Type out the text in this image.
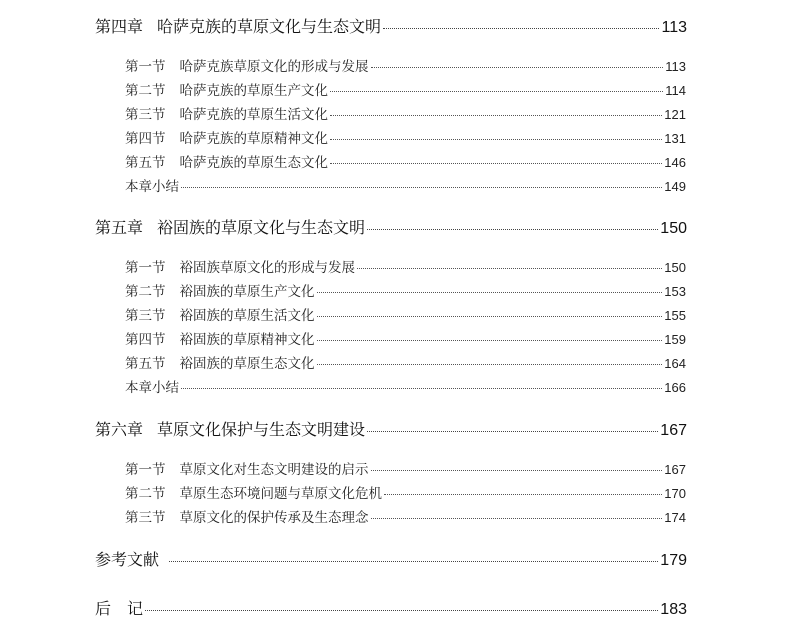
第四章 哈萨克族的草原文化与生态文明	113
第一节 哈萨克族草原文化的形成与发展	113
第二节 哈萨克族的草原生产文化	114
第三节 哈萨克族的草原生活文化	121
第四节 哈萨克族的草原精神文化	131
第五节 哈萨克族的草原生态文化	146
本章小结	149
第五章 裕固族的草原文化与生态文明	150
第一节 裕固族草原文化的形成与发展	150
第二节 裕固族的草原生产文化	153
第三节 裕固族的草原生活文化	155
第四节 裕固族的草原精神文化	159
第五节 裕固族的草原生态文化	164
本章小结	166
第六章 草原文化保护与生态文明建设	167
第一节 草原文化对生态文明建设的启示	167
第二节 草原生态环境问题与草原文化危机	170
第三节 草原文化的保护传承及生态理念	174
参考文献	179
后　记	183
